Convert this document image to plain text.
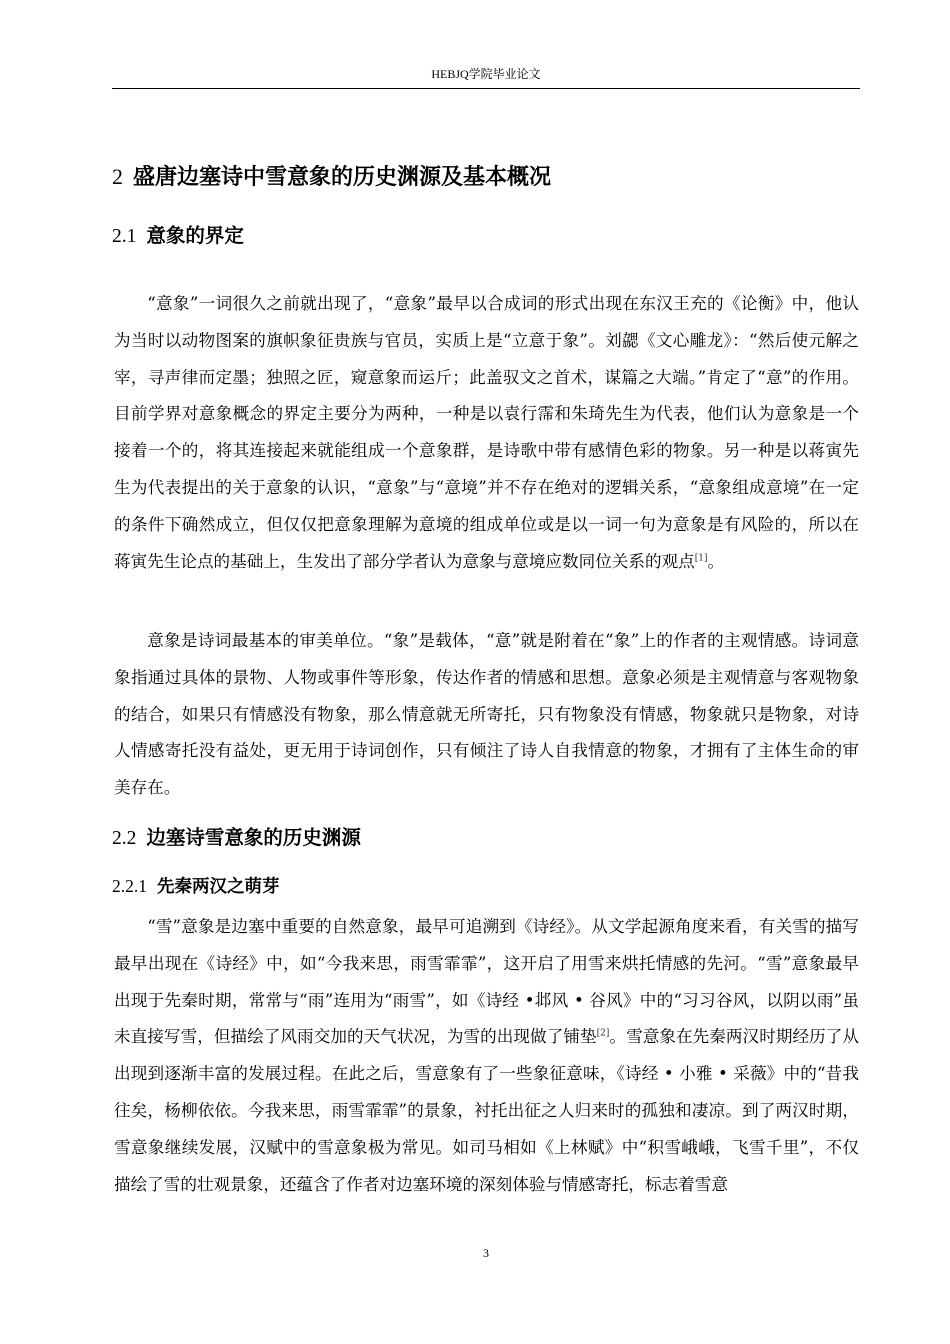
HEBJQ学院毕业论文
2 盛唐边塞诗中雪意象的历史渊源及基本概况
2.1 意象的界定

“意象”一词很久之前就出现了，“意象”最早以合成词的形式出现在东汉王充的《论衡》中，他认为当时以动物图案的旗帜象征贵族与官员，实质上是“立意于象”。刘勰《文心雕龙》：“然后使元解之宰，寻声律而定墨；独照之匠，窥意象而运斤；此盖驭文之首术，谋篇之大端。”肯定了“意”的作用。目前学界对意象概念的界定主要分为两种，一种是以袁行霈和朱琦先生为代表，他们认为意象是一个接着一个的，将其连接起来就能组成一个意象群，是诗歌中带有感情色彩的物象。另一种是以蒋寅先生为代表提出的关于意象的认识，“意象”与“意境”并不存在绝对的逻辑关系，“意象组成意境”在一定的条件下确然成立，但仅仅把意象理解为意境的组成单位或是以一词一句为意象是有风险的，所以在蒋寅先生论点的基础上，生发出了部分学者认为意象与意境应数同位关系的观点[1]。

意象是诗词最基本的审美单位。“象”是载体，“意”就是附着在“象”上的作者的主观情感。诗词意象指通过具体的景物、人物或事件等形象，传达作者的情感和思想。意象必须是主观情意与客观物象的结合，如果只有情感没有物象，那么情意就无所寄托，只有物象没有情感，物象就只是物象，对诗人情感寄托没有益处，更无用于诗词创作，只有倾注了诗人自我情意的物象，才拥有了主体生命的审美存在。

2.2 边塞诗雪意象的历史渊源
2.2.1 先秦两汉之萌芽

“雪”意象是边塞中重要的自然意象，最早可追溯到《诗经》。从文学起源角度来看，有关雪的描写最早出现在《诗经》中，如“今我来思，雨雪霏霏”，这开启了用雪来烘托情感的先河。“雪”意象最早出现于先秦时期，常常与“雨”连用为“雨雪”，如《诗经 •邶风 • 谷风》中的“习习谷风，以阴以雨”虽未直接写雪，但描绘了风雨交加的天气状况，为雪的出现做了铺垫[2]。雪意象在先秦两汉时期经历了从出现到逐渐丰富的发展过程。在此之后，雪意象有了一些象征意味，《诗经 • 小雅 • 采薇》中的“昔我往矣，杨柳依依。今我来思，雨雪霏霏”的景象，衬托出征之人归来时的孤独和凄凉。到了两汉时期，雪意象继续发展，汉赋中的雪意象极为常见。如司马相如《上林赋》中“积雪峨峨，飞雪千里”，不仅描绘了雪的壮观景象，还蕴含了作者对边塞环境的深刻体验与情感寄托，标志着雪意

3
